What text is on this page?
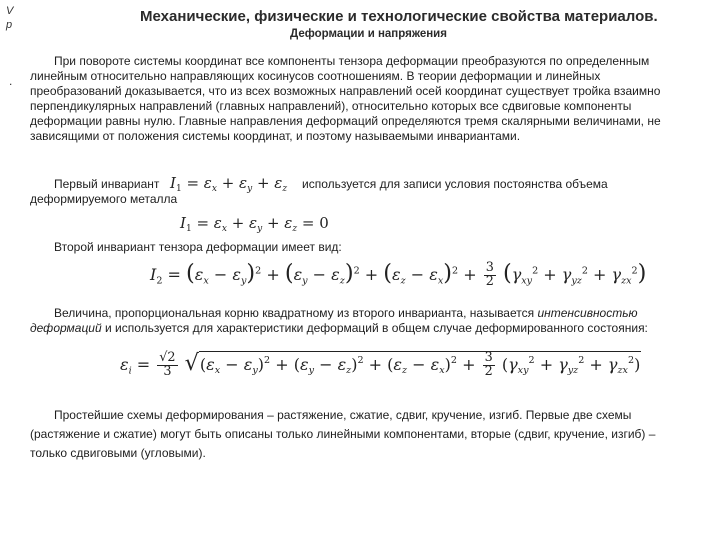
V
p
.
Механические, физические и технологические свойства материалов.
Деформации и напряжения
При повороте системы координат все компоненты тензора деформации преобразуются по определенным линейным относительно направляющих косинусов соотношениям. В теории деформации и линейных преобразований доказывается, что из всех возможных направлений осей координат существует тройка взаимно перпендикулярных направлений (главных направлений), относительно которых все сдвиговые компоненты деформации равны нулю. Главные направления деформаций определяются тремя скалярными величинами, не зависящими от положения системы координат, и поэтому называемыми инвариантами.
Первый инвариант $I_1 = \varepsilon_x + \varepsilon_y + \varepsilon_z$ используется для записи условия постоянства объема
деформируемого металла
$I_1 = \varepsilon_x + \varepsilon_y + \varepsilon_z = 0$
Второй инвариант тензора деформации имеет вид:
$I_2 = (\varepsilon_x - \varepsilon_y)^2 + (\varepsilon_y - \varepsilon_z)^2 + (\varepsilon_z - \varepsilon_x)^2 + \frac{3}{2} (\gamma_{xy}^2 + \gamma_{yz}^2 + \gamma_{zx}^2)$
Величина, пропорциональная корню квадратному из второго инварианта, называется интенсивностью деформаций и используется для характеристики деформаций в общем случае деформированного состояния:
$\varepsilon_i = \frac{√2}{3} √(\varepsilon_x - \varepsilon_y)^2 + (\varepsilon_y - \varepsilon_z)^2 + (\varepsilon_z - \varepsilon_x)^2 + \frac{3}{2} (\gamma_{xy}^2 + \gamma_{yz}^2 + \gamma_{zx}^2)$
Простейшие схемы деформирования – растяжение, сжатие, сдвиг, кручение, изгиб. Первые две схемы (растяжение и сжатие) могут быть описаны только линейными компонентами, вторые (сдвиг, кручение, изгиб) – только сдвиговыми (угловыми).
